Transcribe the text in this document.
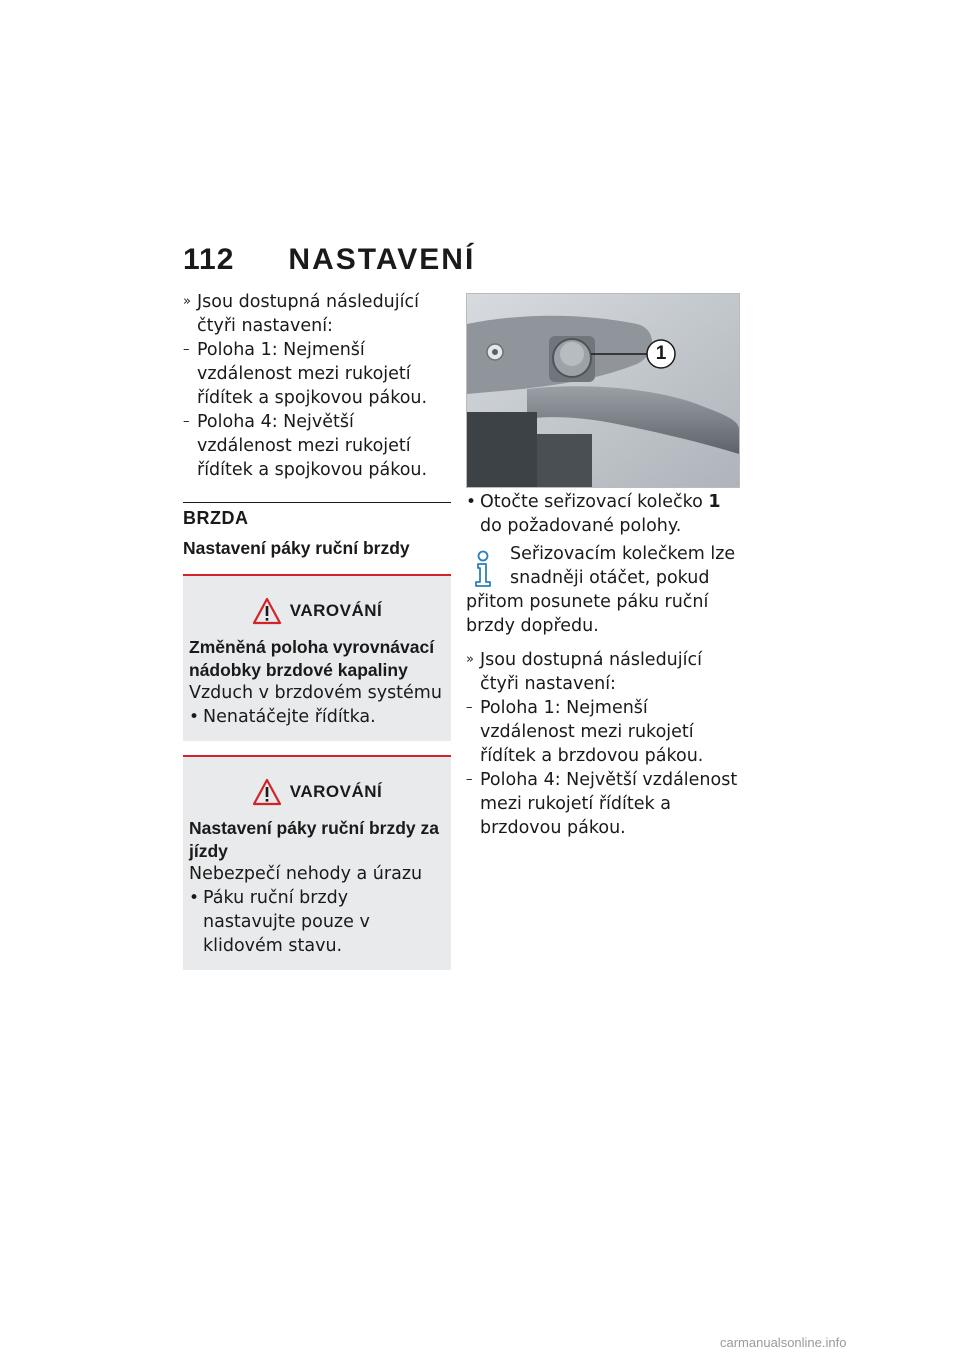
112 NASTAVENÍ

» Jsou dostupná následující čtyři nastavení:

– Poloha 1: Nejmenší vzdálenost mezi rukojetí řídítek a spojkovou pákou.

– Poloha 4: Největší vzdálenost mezi rukojetí řídítek a spojkovou pákou.

BRZDA
Nastavení páky ruční brzdy
VAROVÁNÍ
Změněná poloha vyrovnávací nádobky brzdové kapaliny
Vzduch v brzdovém systému

• Nenatáčejte řídítka.

VAROVÁNÍ
Nastavení páky ruční brzdy za jízdy
Nebezpečí nehody a úrazu

• Páku ruční brzdy nastavujte pouze v klidovém stavu.

1

• Otočte seřizovací kolečko 1 do požadované polohy.

Seřizovacím kolečkem lze snadněji otáčet, pokud
přitom posunete páku ruční brzdy dopředu.

» Jsou dostupná následující čtyři nastavení:

– Poloha 1: Nejmenší vzdálenost mezi rukojetí řídítek a brzdovou pákou.

– Poloha 4: Největší vzdálenost mezi rukojetí řídítek a brzdovou pákou.

carmanualsonline.info
